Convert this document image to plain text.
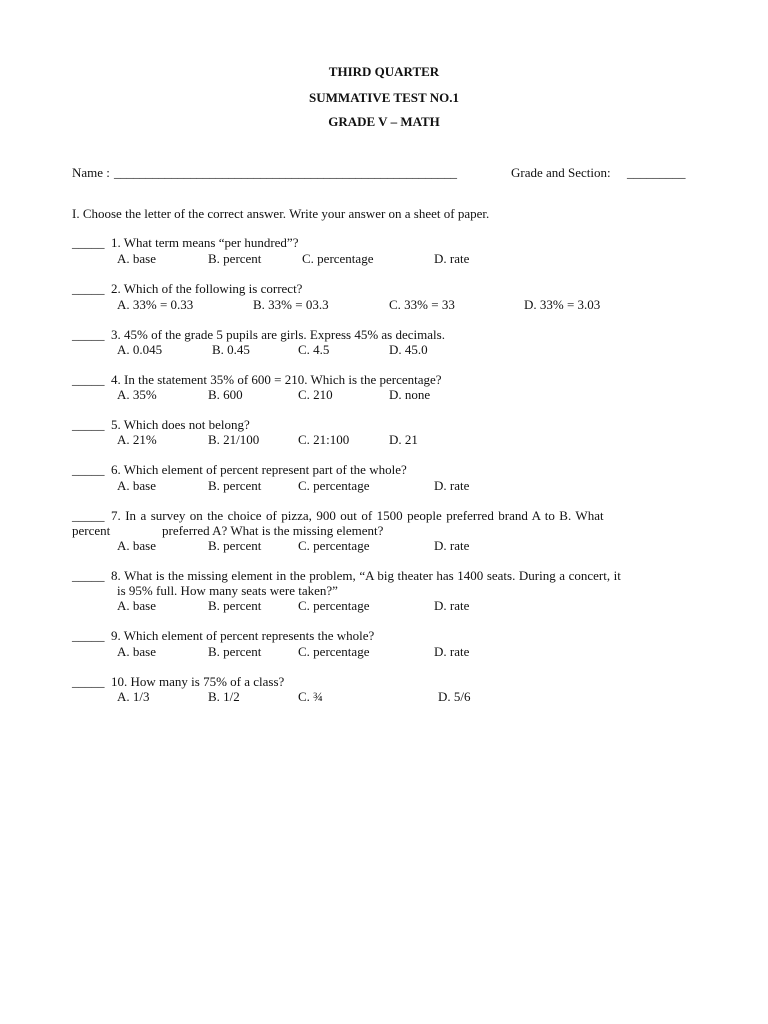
THIRD QUARTER
SUMMATIVE TEST NO.1
GRADE V – MATH
Name : ______________________________________________________	Grade and Section: _________
I. Choose the letter of the correct answer. Write your answer on a sheet of paper.
_____ 1. What term means “per hundred”?
A. base	B. percent	C. percentage	D. rate
_____ 2. Which of the following is correct?
A. 33% = 0.33	B. 33% = 03.3	C. 33% = 33	D. 33% = 3.03
_____ 3. 45% of the grade 5 pupils are girls. Express 45% as decimals.
A. 0.045	B. 0.45	C. 4.5	D. 45.0
_____ 4. In the statement 35% of 600 = 210. Which is the percentage?
A. 35%	B. 600	C. 210	D. none
_____ 5. Which does not belong?
A. 21%	B. 21/100	C. 21:100	D. 21
_____ 6. Which element of percent represent part of the whole?
A. base	B. percent	C. percentage	D. rate
_____ 7. In a survey on the choice of pizza, 900 out of 1500 people preferred brand A to B. What
percent	preferred A? What is the missing element?
A. base	B. percent	C. percentage	D. rate
_____ 8. What is the missing element in the problem, “A big theater has 1400 seats. During a concert, it
is 95% full. How many seats were taken?”
A. base	B. percent	C. percentage	D. rate
_____ 9. Which element of percent represents the whole?
A. base	B. percent	C. percentage	D. rate
_____ 10. How many is 75% of a class?
A. 1/3	B. 1/2	C. ¾	D. 5/6
